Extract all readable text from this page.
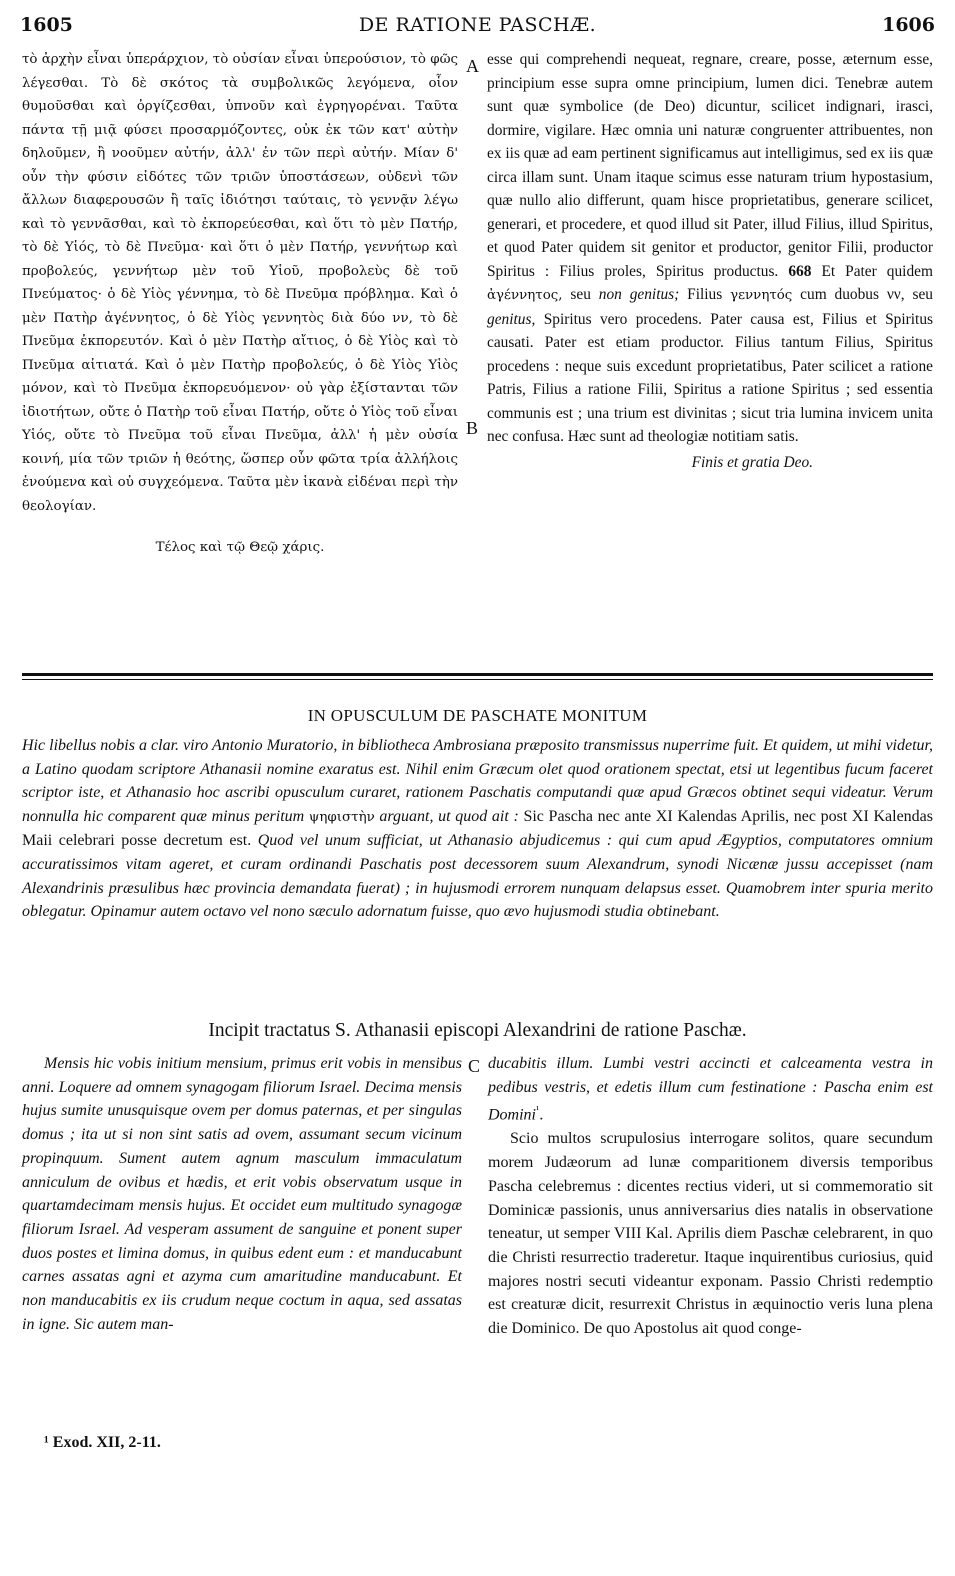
1605	DE RATIONE PASCHÆ.	1606

τὸ ἀρχὴν εἶναι ὑπεράρχιον, τὸ οὐσίαν εἶναι ὑπερούσιον, τὸ φῶς λέγεσθαι. Τὸ δὲ σκότος τὰ συμβολικῶς λεγόμενα, οἷον θυμοῦσθαι καὶ ὀργίζεσθαι, ὑπνοῦν καὶ ἐγρηγορέναι. Ταῦτα πάντα τῇ μιᾷ φύσει προσαρμόζοντες, οὐκ ἐκ τῶν κατ' αὐτὴν δηλοῦμεν, ἢ νοοῦμεν αὐτήν, ἀλλ' ἐν τῶν περὶ αὐτήν. Μίαν δ' οὖν τὴν φύσιν εἰδότες τῶν τριῶν ὑποστάσεων, οὐδενὶ τῶν ἄλλων διαφερουσῶν ἢ ταῖς ἰδιότησι ταύταις, τὸ γεννᾷν λέγω καὶ τὸ γεννᾶσθαι, καὶ τὸ ἐκπορεύεσθαι, καὶ ὅτι τὸ μὲν Πατήρ, τὸ δὲ Υἱός, τὸ δὲ Πνεῦμα· καὶ ὅτι ὁ μὲν Πατήρ, γεννήτωρ καὶ προβολεύς, γεννήτωρ μὲν τοῦ Υἱοῦ, προβολεὺς δὲ τοῦ Πνεύματος· ὁ δὲ Υἱὸς γέννημα, τὸ δὲ Πνεῦμα πρόβλημα. Καὶ ὁ μὲν Πατὴρ ἀγέννητος, ὁ δὲ Υἱὸς γεννητὸς διὰ δύο νν, τὸ δὲ Πνεῦμα ἐκπορευτόν. Καὶ ὁ μὲν Πατὴρ αἴτιος, ὁ δὲ Υἱὸς καὶ τὸ Πνεῦμα αἰτιατά. Καὶ ὁ μὲν Πατὴρ προβολεύς, ὁ δὲ Υἱὸς Υἱὸς μόνον, καὶ τὸ Πνεῦμα ἐκπορευόμενον· οὐ γὰρ ἐξίστανται τῶν ἰδιοτήτων, οὔτε ὁ Πατὴρ τοῦ εἶναι Πατήρ, οὔτε ὁ Υἱὸς τοῦ εἶναι Υἱός, οὔτε τὸ Πνεῦμα τοῦ εἶναι Πνεῦμα, ἀλλ' ἡ μὲν οὐσία κοινή, μία τῶν τριῶν ἡ θεότης, ὥσπερ οὖν φῶτα τρία ἀλλήλοις ἑνούμενα καὶ οὐ συγχεόμενα. Ταῦτα μὲν ἱκανὰ εἰδέναι περὶ τὴν θεολογίαν.

Τέλος καὶ τῷ Θεῷ χάρις.

A
B

esse qui comprehendi nequeat, regnare, creare, posse, æternum esse, principium esse supra omne principium, lumen dici. Tenebræ autem sunt quæ symbolice (de Deo) dicuntur, scilicet indignari, irasci, dormire, vigilare. Hæc omnia uni naturæ congruenter attribuentes, non ex iis quæ ad eam pertinent significamus aut intelligimus, sed ex iis quæ circa illam sunt. Unam itaque scimus esse naturam trium hypostasium, quæ nullo alio differunt, quam hisce proprietatibus, generare scilicet, generari, et procedere, et quod illud sit Pater, illud Filius, illud Spiritus, et quod Pater quidem sit genitor et productor, genitor Filii, productor Spiritus : Filius proles, Spiritus productus. 668 Et Pater quidem ἀγέννητος, seu non genitus; Filius γεννητός cum duobus νν, seu genitus, Spiritus vero procedens. Pater causa est, Filius et Spiritus causati. Pater est etiam productor. Filius tantum Filius, Spiritus procedens : neque suis excedunt proprietatibus, Pater scilicet a ratione Patris, Filius a ratione Filii, Spiritus a ratione Spiritus ; sed essentia communis est ; una trium est divinitas ; sicut tria lumina invicem unita nec confusa. Hæc sunt ad theologiæ notitiam satis.

Finis et gratia Deo.

IN OPUSCULUM DE PASCHATE MONITUM
Hic libellus nobis a clar. viro Antonio Muratorio, in bibliotheca Ambrosiana præposito transmissus nuperrime fuit. Et quidem, ut mihi videtur, a Latino quodam scriptore Athanasii nomine exaratus est. Nihil enim Græcum olet quod orationem spectat, etsi ut legentibus fucum faceret scriptor iste, et Athanasio hoc ascribi opusculum curaret, rationem Paschatis computandi quæ apud Græcos obtinet sequi videatur. Verum nonnulla hic comparent quæ minus peritum ψηφιστὴν arguant, ut quod ait : Sic Pascha nec ante XI Kalendas Aprilis, nec post XI Kalendas Maii celebrari posse decretum est. Quod vel unum sufficiat, ut Athanasio abjudicemus : qui cum apud Ægyptios, computatores omnium accuratissimos vitam ageret, et curam ordinandi Paschatis post decessorem suum Alexandrum, synodi Nicænæ jussu accepisset (nam Alexandrinis præsulibus hæc provincia demandata fuerat) ; in hujusmodi errorem nunquam delapsus esset. Quamobrem inter spuria merito oblegatur. Opinamur autem octavo vel nono sæculo adornatum fuisse, quo ævo hujusmodi studia obtinebant.
Incipit tractatus S. Athanasii episcopi Alexandrini de ratione Paschæ.

Mensis hic vobis initium mensium, primus erit vobis in mensibus anni. Loquere ad omnem synagogam filiorum Israel. Decima mensis hujus sumite unusquisque ovem per domus paternas, et per singulas domus ; ita ut si non sint satis ad ovem, assumant secum vicinum propinquum. Sument autem agnum masculum immaculatum anniculum de ovibus et hædis, et erit vobis observatum usque in quartamdecimam mensis hujus. Et occidet eum multitudo synagogæ filiorum Israel. Ad vesperam assument de sanguine et ponent super duos postes et limina domus, in quibus edent eum : et manducabunt carnes assatas agni et azyma cum amaritudine manducabunt. Et non manducabitis ex iis crudum neque coctum in aqua, sed assatas in igne. Sic autem man-

C ducabitis illum. Lumbi vestri accincti et calceamenta vestra in pedibus vestris, et edetis illum cum festinatione : Pascha enim est Domini$^{^1}$.

Scio multos scrupulosius interrogare solitos, quare secundum morem Judæorum ad lunæ comparitionem diversis temporibus Pascha celebremus : dicentes rectius videri, ut si commemoratio sit Dominicæ passionis, unus anniversarius dies natalis in observatione teneatur, ut semper VIII Kal. Aprilis diem Paschæ celebrarent, in quo die Christi resurrectio traderetur. Itaque inquirentibus curiosius, quid majores nostri secuti videantur exponam. Passio Christi redemptio est creaturæ dicit, resurrexit Christus in æquinoctio veris luna plena die Dominico. De quo Apostolus ait quod conge-

¹ Exod. XII, 2-11.
